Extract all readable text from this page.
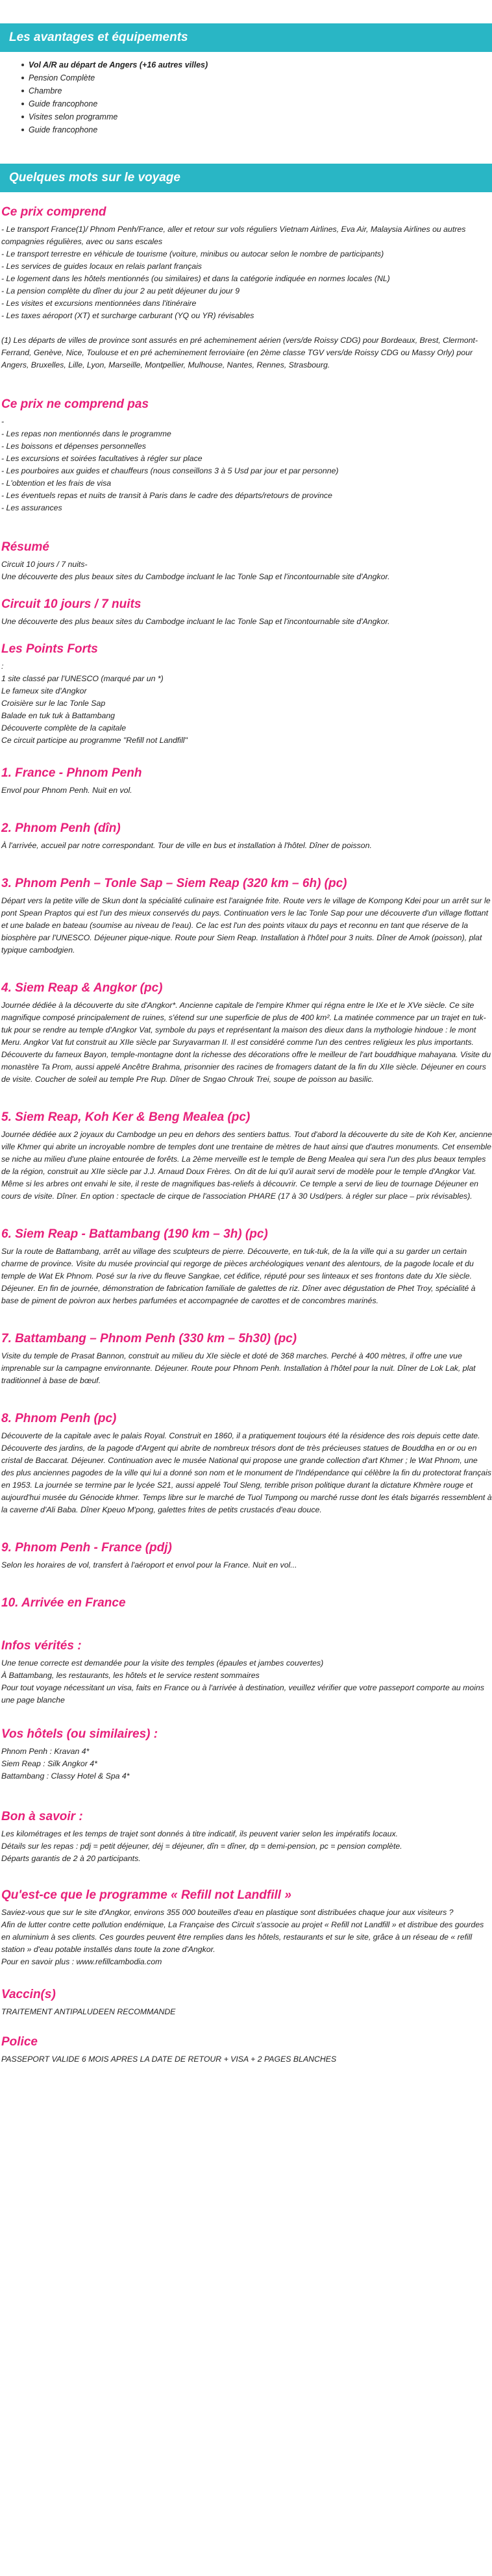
Les avantages et équipements
Vol A/R au départ de Angers (+16 autres villes)
Pension Complète
Chambre
Guide francophone
Visites selon programme
Guide francophone
Quelques mots sur le voyage
Ce prix comprend

- Le transport France(1)/ Phnom Penh/France, aller et retour sur vols réguliers Vietnam Airlines, Eva Air, Malaysia Airlines ou autres compagnies régulières, avec ou sans escales

- Le transport terrestre en véhicule de tourisme (voiture, minibus ou autocar selon le nombre de participants)

- Les services de guides locaux en relais parlant français

- Le logement dans les hôtels mentionnés (ou similaires) et dans la catégorie indiquée en normes locales (NL)

- La pension complète du dîner du jour 2 au petit déjeuner du jour 9

- Les visites et excursions mentionnées dans l'itinéraire

- Les taxes aéroport (XT) et surcharge carburant (YQ ou YR) révisables

(1) Les départs de villes de province sont assurés en pré acheminement aérien (vers/de Roissy CDG) pour Bordeaux, Brest, Clermont-Ferrand, Genève, Nice, Toulouse et en pré acheminement ferroviaire (en 2ème classe TGV vers/de Roissy CDG ou Massy Orly) pour Angers, Bruxelles, Lille, Lyon, Marseille, Montpellier, Mulhouse, Nantes, Rennes, Strasbourg.

Ce prix ne comprend pas

-

- Les repas non mentionnés dans le programme

- Les boissons et dépenses personnelles

- Les excursions et soirées facultatives à régler sur place

- Les pourboires aux guides et chauffeurs (nous conseillons 3 à 5 Usd par jour et par personne)

- L'obtention et les frais de visa

- Les éventuels repas et nuits de transit à Paris dans le cadre des départs/retours de province

- Les assurances

Résumé

Circuit 10 jours / 7 nuits-

Une découverte des plus beaux sites du Cambodge incluant le lac Tonle Sap et l'incontournable site d'Angkor.

Circuit 10 jours / 7 nuits

Une découverte des plus beaux sites du Cambodge incluant le lac Tonle Sap et l'incontournable site d'Angkor.

Les Points Forts

:

1 site classé par l'UNESCO (marqué par un *)

Le fameux site d'Angkor

Croisière sur le lac Tonle Sap

Balade en tuk tuk à Battambang

Découverte complète de la capitale

Ce circuit participe au programme "Refill not Landfill"

1. France - Phnom Penh

Envol pour Phnom Penh. Nuit en vol.

2. Phnom Penh (dîn)

À l'arrivée, accueil par notre correspondant. Tour de ville en bus et installation à l'hôtel. Dîner de poisson.

3. Phnom Penh – Tonle Sap – Siem Reap (320 km – 6h) (pc)

Départ vers la petite ville de Skun dont la spécialité culinaire est l'araignée frite. Route vers le village de Kompong Kdei pour un arrêt sur le pont Spean Praptos qui est l'un des mieux conservés du pays. Continuation vers le lac Tonle Sap pour une découverte d'un village flottant et une balade en bateau (soumise au niveau de l'eau). Ce lac est l'un des points vitaux du pays et reconnu en tant que réserve de la biosphère par l'UNESCO. Déjeuner pique-nique. Route pour Siem Reap. Installation à l'hôtel pour 3 nuits. Dîner de Amok (poisson), plat typique cambodgien.

4. Siem Reap & Angkor (pc)

Journée dédiée à la découverte du site d'Angkor*. Ancienne capitale de l'empire Khmer qui régna entre le IXe et le XVe siècle. Ce site magnifique composé principalement de ruines, s'étend sur une superficie de plus de 400 km². La matinée commence par un trajet en tuk-tuk pour se rendre au temple d'Angkor Vat, symbole du pays et représentant la maison des dieux dans la mythologie hindoue : le mont Meru. Angkor Vat fut construit au XIIe siècle par Suryavarman II. Il est considéré comme l'un des centres religieux les plus importants. Découverte du fameux Bayon, temple-montagne dont la richesse des décorations offre le meilleur de l'art bouddhique mahayana. Visite du monastère Ta Prom, aussi appelé Ancêtre Brahma, prisonnier des racines de fromagers datant de la fin du XIIe siècle. Déjeuner en cours de visite. Coucher de soleil au temple Pre Rup. Dîner de Sngao Chrouk Trei, soupe de poisson au basilic.

5. Siem Reap, Koh Ker & Beng Mealea (pc)

Journée dédiée aux 2 joyaux du Cambodge un peu en dehors des sentiers battus. Tout d'abord la découverte du site de Koh Ker, ancienne ville Khmer qui abrite un incroyable nombre de temples dont une trentaine de mètres de haut ainsi que d'autres monuments. Cet ensemble se niche au milieu d'une plaine entourée de forêts. La 2ème merveille est le temple de Beng Mealea qui sera l'un des plus beaux temples de la région, construit au XIIe siècle par J.J. Arnaud Doux Frères. On dit de lui qu'il aurait servi de modèle pour le temple d'Angkor Vat. Même si les arbres ont envahi le site, il reste de magnifiques bas-reliefs à découvrir. Ce temple a servi de lieu de tournage Déjeuner en cours de visite. Dîner. En option : spectacle de cirque de l'association PHARE (17 à 30 Usd/pers. à régler sur place – prix révisables).

6. Siem Reap - Battambang (190 km – 3h) (pc)

Sur la route de Battambang, arrêt au village des sculpteurs de pierre. Découverte, en tuk-tuk, de la la ville qui a su garder un certain charme de province. Visite du musée provincial qui regorge de pièces archéologiques venant des alentours, de la pagode locale et du temple de Wat Ek Phnom. Posé sur la rive du fleuve Sangkae, cet édifice, réputé pour ses linteaux et ses frontons date du XIe siècle. Déjeuner. En fin de journée, démonstration de fabrication familiale de galettes de riz. Dîner avec dégustation de Phet Troy, spécialité à base de piment de poivron aux herbes parfumées et accompagnée de carottes et de concombres marinés.

7. Battambang – Phnom Penh (330 km – 5h30) (pc)

Visite du temple de Prasat Bannon, construit au milieu du XIe siècle et doté de 368 marches. Perché à 400 mètres, il offre une vue imprenable sur la campagne environnante. Déjeuner. Route pour Phnom Penh. Installation à l'hôtel pour la nuit. Dîner de Lok Lak, plat traditionnel à base de bœuf.

8. Phnom Penh (pc)

Découverte de la capitale avec le palais Royal. Construit en 1860, il a pratiquement toujours été la résidence des rois depuis cette date. Découverte des jardins, de la pagode d'Argent qui abrite de nombreux trésors dont de très précieuses statues de Bouddha en or ou en cristal de Baccarat. Déjeuner. Continuation avec le musée National qui propose une grande collection d'art Khmer ; le Wat Phnom, une des plus anciennes pagodes de la ville qui lui a donné son nom et le monument de l'Indépendance qui célèbre la fin du protectorat français en 1953. La journée se termine par le lycée S21, aussi appelé Toul Sleng, terrible prison politique durant la dictature Khmère rouge et aujourd'hui musée du Génocide khmer. Temps libre sur le marché de Tuol Tumpong ou marché russe dont les étals bigarrés ressemblent à la caverne d'Ali Baba. Dîner Kpeuo M'pong, galettes frites de petits crustacés d'eau douce.

9. Phnom Penh - France (pdj)

Selon les horaires de vol, transfert à l'aéroport et envol pour la France. Nuit en vol...

10. Arrivée en France
Infos vérités :

Une tenue correcte est demandée pour la visite des temples (épaules et jambes couvertes)

À Battambang, les restaurants, les hôtels et le service restent sommaires

Pour tout voyage nécessitant un visa, faits en France ou à l'arrivée à destination, veuillez vérifier que votre passeport comporte au moins une page blanche

Vos hôtels (ou similaires) :

Phnom Penh : Kravan 4*

Siem Reap : Silk Angkor 4*

Battambang : Classy Hotel & Spa 4*

Bon à savoir :

Les kilométrages et les temps de trajet sont donnés à titre indicatif, ils peuvent varier selon les impératifs locaux.

Détails sur les repas : pdj = petit déjeuner, déj = déjeuner, dîn = dîner, dp = demi-pension, pc = pension complète.

Départs garantis de 2 à 20 participants.

Qu'est-ce que le programme « Refill not Landfill »

Saviez-vous que sur le site d'Angkor, environs 355 000 bouteilles d'eau en plastique sont distribuées chaque jour aux visiteurs ?

Afin de lutter contre cette pollution endémique, La Française des Circuit s'associe au projet « Refill not Landfill » et distribue des gourdes en aluminium à ses clients. Ces gourdes peuvent être remplies dans les hôtels, restaurants et sur le site, grâce à un réseau de « refill station » d'eau potable installés dans toute la zone d'Angkor.

Pour en savoir plus : www.refillcambodia.com

Vaccin(s)

TRAITEMENT ANTIPALUDEEN RECOMMANDE

Police

PASSEPORT VALIDE 6 MOIS APRES LA DATE DE RETOUR + VISA + 2 PAGES BLANCHES
